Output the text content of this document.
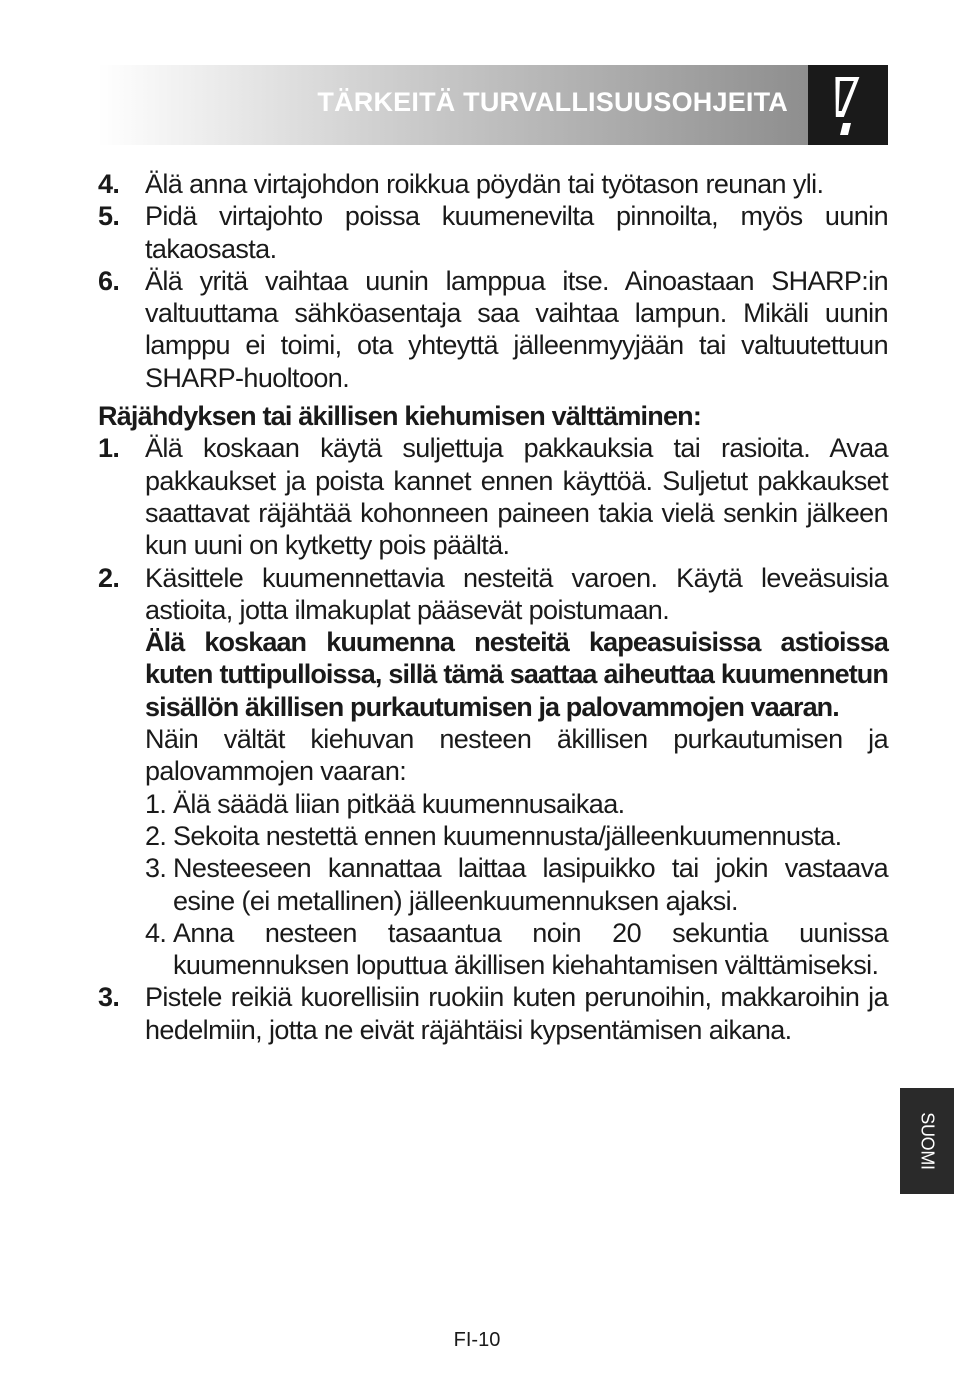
TÄRKEITÄ TURVALLISUUSOHJEITA
4. Älä anna virtajohdon roikkua pöydän tai työtason reunan yli.
5. Pidä virtajohto poissa kuumenevilta pinnoilta, myös uunin takaosasta.
6. Älä yritä vaihtaa uunin lamppua itse. Ainoastaan SHARP:in valtuuttama sähköasentaja saa vaihtaa lampun. Mikäli uunin lamppu ei toimi, ota yhteyttä jälleenmyyjään tai valtuutettuun SHARP-huoltoon.
Räjähdyksen tai äkillisen kiehumisen välttäminen:
1. Älä koskaan käytä suljettuja pakkauksia tai rasioita. Avaa pakkaukset ja poista kannet ennen käyttöä. Suljetut pakkaukset saattavat räjähtää kohonneen paineen takia vielä senkin jälkeen kun uuni on kytketty pois päältä.
2. Käsittele kuumennettavia nesteitä varoen. Käytä leveäsuisia astioita, jotta ilmakuplat pääsevät poistumaan.
Älä koskaan kuumenna nesteitä kapeasuisissa astioissa kuten tuttipulloissa, sillä tämä saattaa aiheuttaa kuumennetun sisällön äkillisen purkautumisen ja palovammojen vaaran.
Näin vältät kiehuvan nesteen äkillisen purkautumisen ja palovammojen vaaran:
1. Älä säädä liian pitkää kuumennusaikaa.
2. Sekoita nestettä ennen kuumennusta/jälleenkuumennusta.
3. Nesteeseen kannattaa laittaa lasipuikko tai jokin vastaava esine (ei metallinen) jälleenkuumennuksen ajaksi.
4. Anna nesteen tasaantua noin 20 sekuntia uunissa kuumennuksen loputtua äkillisen kiehahtamisen välttämiseksi.
3. Pistele reikiä kuorellisiin ruokiin kuten perunoihin, makkaroihin ja hedelmiin, jotta ne eivät räjähtäisi kypsentämisen aikana.
SUOMI
FI-10
